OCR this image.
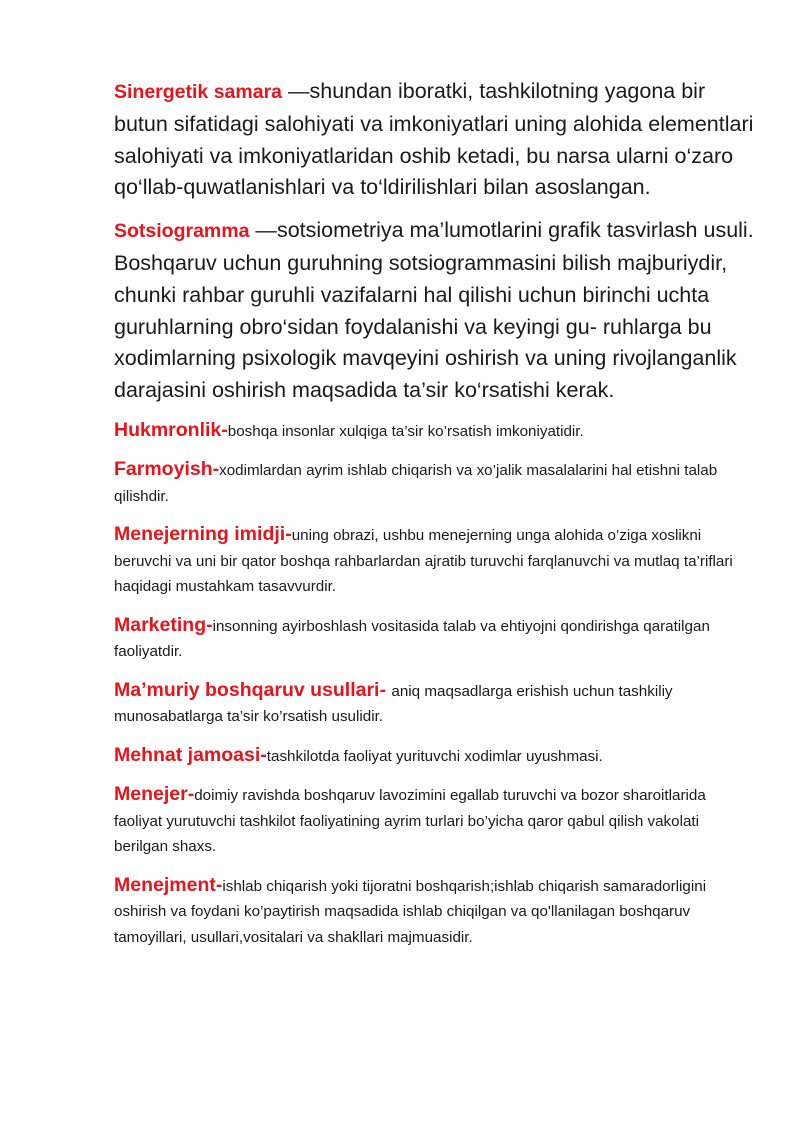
Sinergetik samara —shundan iboratki, tashkilotning yagona bir butun sifatidagi salohiyati va imkoniyatlari uning alohida elementlari salohiyati va imkoniyatlaridan oshib ketadi, bu narsa ularni o‘zaro qo‘llab-quwatlanishlari va to‘ldirilishlari bilan asoslangan.

Sotsiogramma —sotsiometriya ma’lumotlarini grafik tasvirlash usuli. Boshqaruv uchun guruhning sotsiogrammasini bilish majburiydir, chunki rahbar guruhli vazifalarni hal qilishi uchun birinchi uchta guruhlarning obro‘sidan foydalanishi va keyingi gu- ruhlarga bu xodimlarning psixologik mavqeyini oshirish va uning rivojlanganlik darajasini oshirish maqsadida ta’sir ko‘rsatishi kerak.

Hukmronlik-boshqa insonlar xulqiga ta’sir ko’rsatish imkoniyatidir.

Farmoyish-xodimlardan ayrim ishlab chiqarish va xo’jalik masalalarini hal etishni talab qilishdir.

Menejerning imidji-uning obrazi, ushbu menejerning unga alohida o’ziga xoslikni beruvchi va uni bir qator boshqa rahbarlardan ajratib turuvchi farqlanuvchi va mutlaq ta’riflari haqidagi mustahkam tasavvurdir.

Marketing-insonning ayirboshlash vositasida talab va ehtiyojni qondirishga qaratilgan faoliyatdir.

Ma’muriy boshqaruv usullari- aniq maqsadlarga erishish uchun tashkiliy munosabatlarga ta’sir ko’rsatish usulidir.

Mehnat jamoasi-tashkilotda faoliyat yurituvchi xodimlar uyushmasi.

Menejer-doimiy ravishda boshqaruv lavozimini egallab turuvchi va bozor sharoitlarida faoliyat yurutuvchi tashkilot faoliyatining ayrim turlari bo’yicha qaror qabul qilish vakolati berilgan shaxs.

Menejment-ishlab chiqarish yoki tijoratni boshqarish;ishlab chiqarish samaradorligini oshirish va foydani ko’paytirish maqsadida ishlab chiqilgan va qo'llanilagan boshqaruv tamoyillari, usullari,vositalari va shakllari majmuasidir.
